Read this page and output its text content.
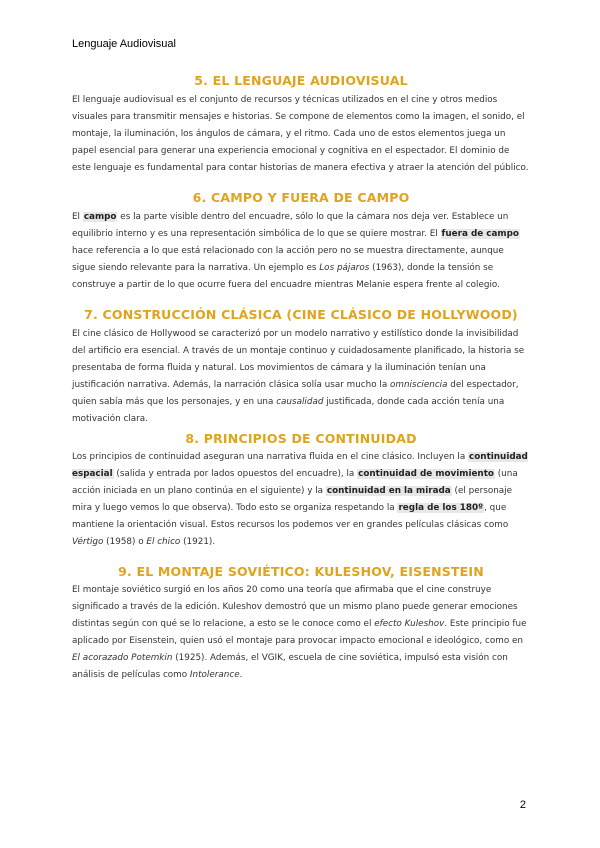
Lenguaje Audiovisual
5. EL LENGUAJE AUDIOVISUAL

El lenguaje audiovisual es el conjunto de recursos y técnicas utilizados en el cine y otros medios visuales para transmitir mensajes e historias. Se compone de elementos como la imagen, el sonido, el montaje, la iluminación, los ángulos de cámara, y el ritmo. Cada uno de estos elementos juega un papel esencial para generar una experiencia emocional y cognitiva en el espectador. El dominio de este lenguaje es fundamental para contar historias de manera efectiva y atraer la atención del público.

6. CAMPO Y FUERA DE CAMPO

El campo es la parte visible dentro del encuadre, sólo lo que la cámara nos deja ver. Establece un equilibrio interno y es una representación simbólica de lo que se quiere mostrar. El fuera de campo hace referencia a lo que está relacionado con la acción pero no se muestra directamente, aunque sigue siendo relevante para la narrativa. Un ejemplo es Los pájaros (1963), donde la tensión se construye a partir de lo que ocurre fuera del encuadre mientras Melanie espera frente al colegio.

7. CONSTRUCCIÓN CLÁSICA (CINE CLÁSICO DE HOLLYWOOD)

El cine clásico de Hollywood se caracterizó por un modelo narrativo y estilístico donde la invisibilidad del artificio era esencial. A través de un montaje continuo y cuidadosamente planificado, la historia se presentaba de forma fluida y natural. Los movimientos de cámara y la iluminación tenían una justificación narrativa. Además, la narración clásica solía usar mucho la omnisciencia del espectador, quien sabía más que los personajes, y en una causalidad justificada, donde cada acción tenía una motivación clara.

8. PRINCIPIOS DE CONTINUIDAD

Los principios de continuidad aseguran una narrativa fluida en el cine clásico. Incluyen la continuidad espacial (salida y entrada por lados opuestos del encuadre), la continuidad de movimiento (una acción iniciada en un plano continúa en el siguiente) y la continuidad en la mirada (el personaje mira y luego vemos lo que observa). Todo esto se organiza respetando la regla de los 180º, que mantiene la orientación visual. Estos recursos los podemos ver en grandes películas clásicas como Vértigo (1958) o El chico (1921).

9. EL MONTAJE SOVIÉTICO: KULESHOV, EISENSTEIN

El montaje soviético surgió en los años 20 como una teoría que afirmaba que el cine construye significado a través de la edición. Kuleshov demostró que un mismo plano puede generar emociones distintas según con qué se lo relacione, a esto se le conoce como el efecto Kuleshov. Este principio fue aplicado por Eisenstein, quien usó el montaje para provocar impacto emocional e ideológico, como en El acorazado Potemkin (1925). Además, el VGIK, escuela de cine soviética, impulsó esta visión con análisis de películas como Intolerance.

2
